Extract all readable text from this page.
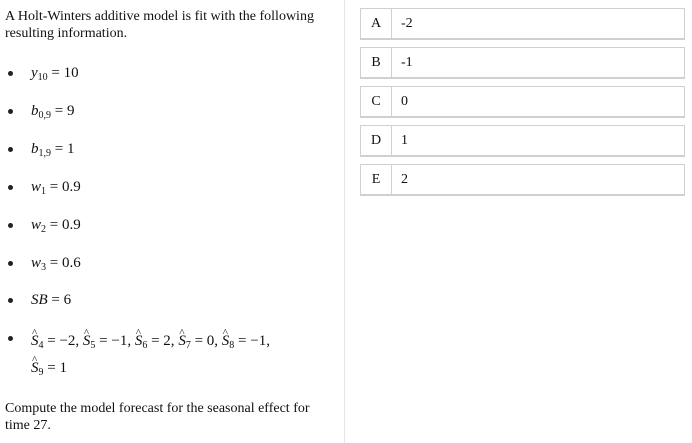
A Holt-Winters additive model is fit with the following resulting information.
$y_{10} = 10$
$b_{0,9} = 9$
$b_{1,9} = 1$
$w_1 = 0.9$
$w_2 = 0.9$
$w_3 = 0.6$
SB = 6
^ $S_4 = -2$, ^ $S_5 = -1$, ^ $S_6 = 2$, ^ $S_7 = 0$, ^ $S_8 = -1$,
^ $S_9 = 1$
Compute the model forecast for the seasonal effect for time 27.
A	-2
B	-1
C	0
D	1
E	2
